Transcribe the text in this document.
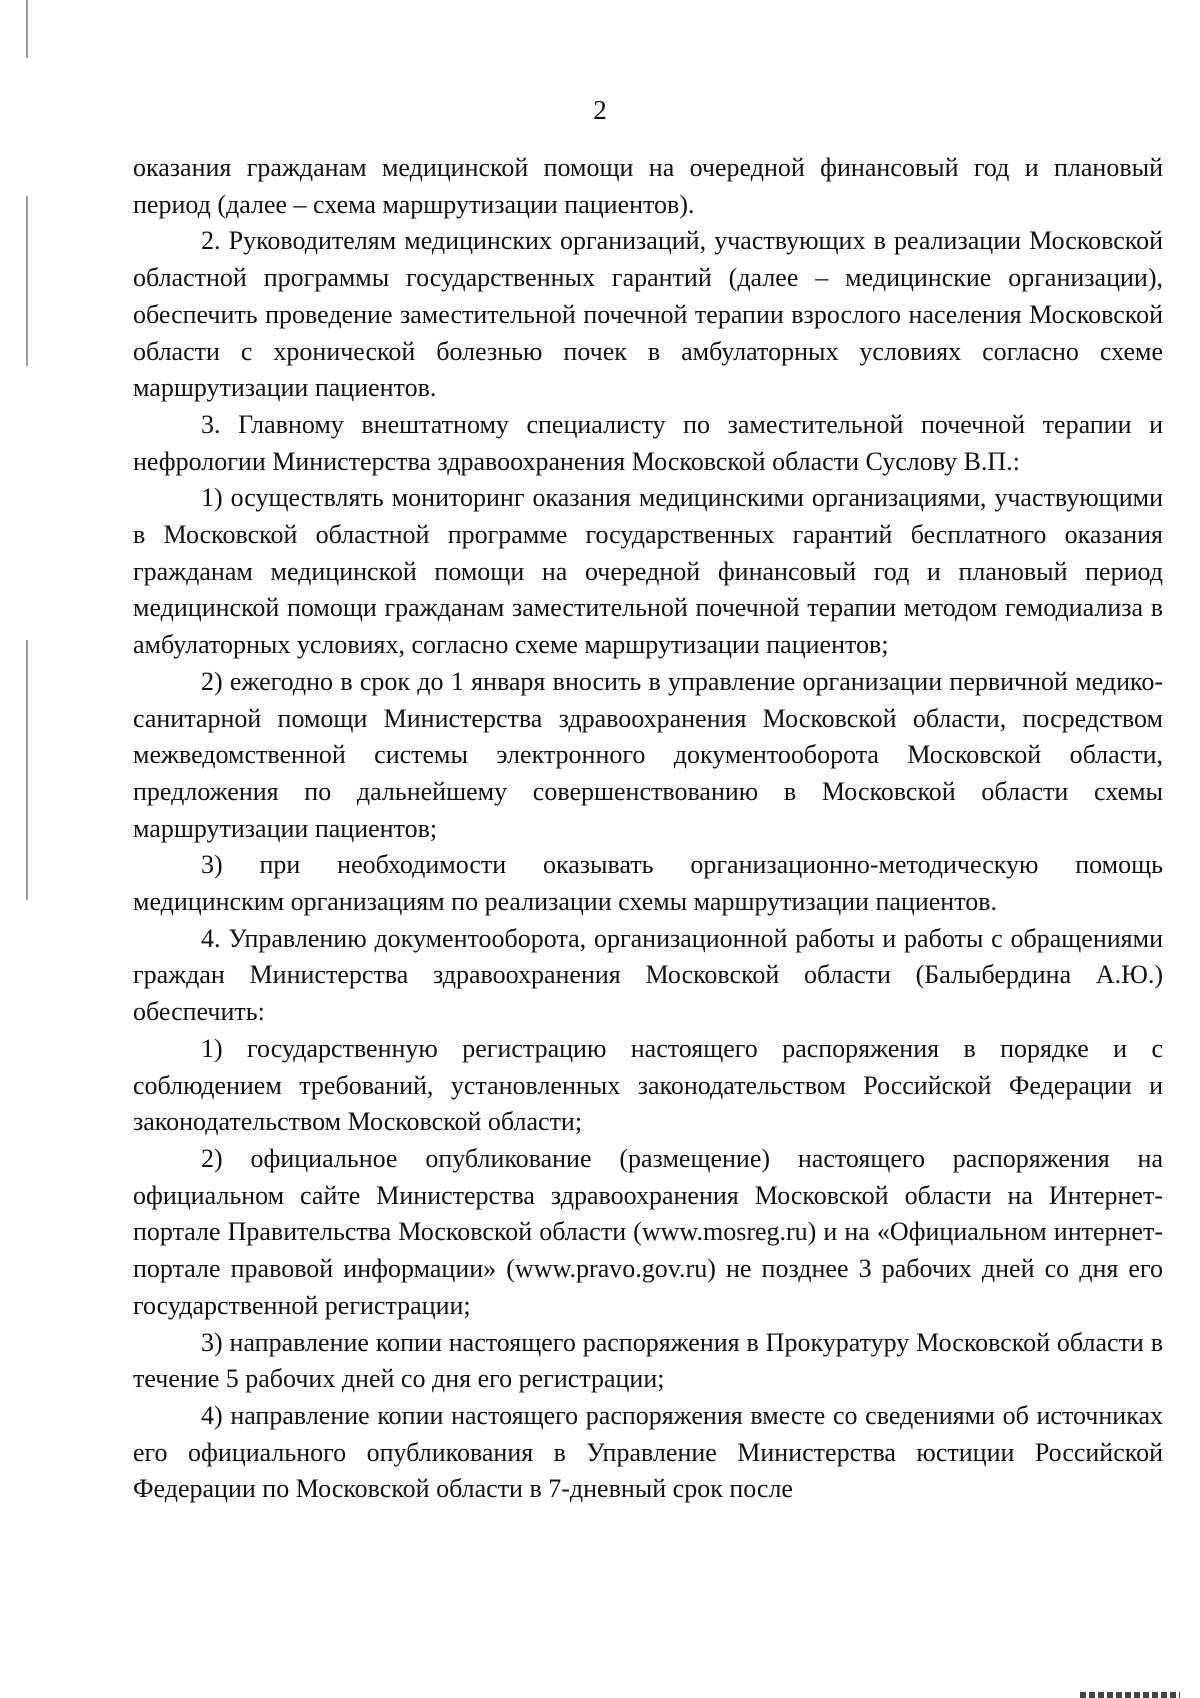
2

оказания гражданам медицинской помощи на очередной финансовый год и плановый период (далее – схема маршрутизации пациентов).

2. Руководителям медицинских организаций, участвующих в реализации Московской областной программы государственных гарантий (далее – медицинские организации), обеспечить проведение заместительной почечной терапии взрослого населения Московской области с хронической болезнью почек в амбулаторных условиях согласно схеме маршрутизации пациентов.

3. Главному внештатному специалисту по заместительной почечной терапии и нефрологии Министерства здравоохранения Московской области Суслову В.П.:

1) осуществлять мониторинг оказания медицинскими организациями, участвующими в Московской областной программе государственных гарантий бесплатного оказания гражданам медицинской помощи на очередной финансовый год и плановый период медицинской помощи гражданам заместительной почечной терапии методом гемодиализа в амбулаторных условиях, согласно схеме маршрутизации пациентов;

2) ежегодно в срок до 1 января вносить в управление организации первичной медико-санитарной помощи Министерства здравоохранения Московской области, посредством межведомственной системы электронного документооборота Московской области, предложения по дальнейшему совершенствованию в Московской области схемы маршрутизации пациентов;

3) при необходимости оказывать организационно-методическую помощь медицинским организациям по реализации схемы маршрутизации пациентов.

4. Управлению документооборота, организационной работы и работы с обращениями граждан Министерства здравоохранения Московской области (Балыбердина А.Ю.) обеспечить:

1) государственную регистрацию настоящего распоряжения в порядке и с соблюдением требований, установленных законодательством Российской Федерации и законодательством Московской области;

2) официальное опубликование (размещение) настоящего распоряжения на официальном сайте Министерства здравоохранения Московской области на Интернет-портале Правительства Московской области (www.mosreg.ru) и на «Официальном интернет-портале правовой информации» (www.pravo.gov.ru) не позднее 3 рабочих дней со дня его государственной регистрации;

3) направление копии настоящего распоряжения в Прокуратуру Московской области в течение 5 рабочих дней со дня его регистрации;

4) направление копии настоящего распоряжения вместе со сведениями об источниках его официального опубликования в Управление Министерства юстиции Российской Федерации по Московской области в 7-дневный срок после
